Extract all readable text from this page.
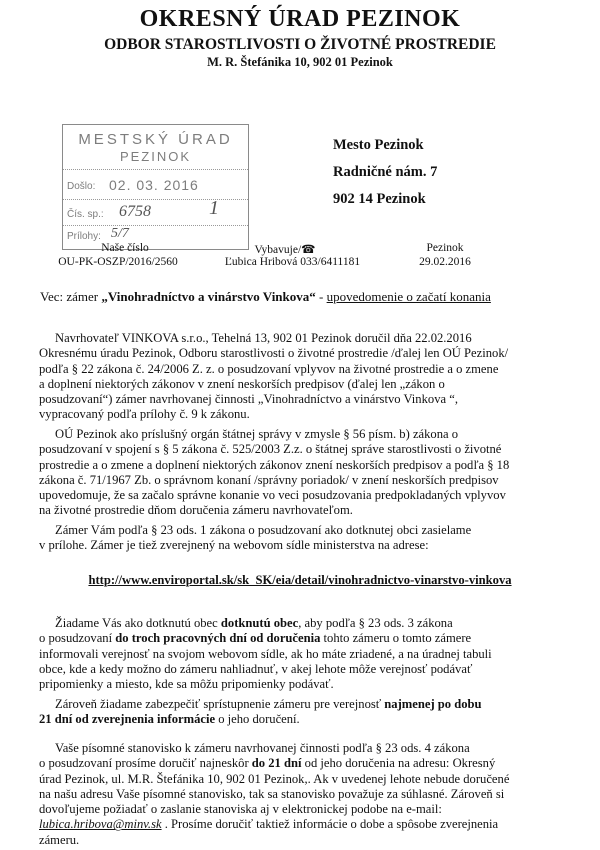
OKRESNÝ ÚRAD PEZINOK
ODBOR STAROSTLIVOSTI O ŽIVOTNÉ PROSTREDIE
M. R. Štefánika 10, 902 01 Pezinok
MESTSKÝ ÚRAD
PEZINOK
Došlo: 02. 03. 2016
Čís. sp.: 6758	1
Prílohy: 5/7
Mesto Pezinok
Radničné nám. 7
902 14 Pezinok
Naše číslo
OU-PK-OSZP/2016/2560
Vybavuje/☎
Ľubica Hribová 033/6411181
Pezinok
29.02.2016
Vec: zámer „Vinohradníctvo a vinárstvo Vinkova“ - upovedomenie o začatí konania
Navrhovateľ VINKOVA s.r.o., Tehelná 13, 902 01 Pezinok doručil dňa 22.02.2016
Okresnému úradu Pezinok, Odboru starostlivosti o životné prostredie /ďalej len OÚ Pezinok/
podľa § 22 zákona č. 24/2006 Z. z. o posudzovaní vplyvov na životné prostredie a o zmene
a doplnení niektorých zákonov v znení neskorších predpisov (ďalej len „zákon o
posudzovaní“) zámer navrhovanej činnosti „Vinohradníctvo a vinárstvo Vinkova “,
vypracovaný podľa prílohy č. 9 k zákonu.
OÚ Pezinok ako príslušný orgán štátnej správy v zmysle § 56 písm. b) zákona o
posudzovaní v spojení s § 5 zákona č. 525/2003 Z.z. o štátnej správe starostlivosti o životné
prostredie a o zmene a doplnení niektorých zákonov znení neskorších predpisov a podľa § 18
zákona č. 71/1967 Zb. o správnom konaní /správny poriadok/ v znení neskorších predpisov
upovedomuje, že sa začalo správne konanie vo veci posudzovania predpokladaných vplyvov
na životné prostredie dňom doručenia zámeru navrhovateľom.
Zámer Vám podľa § 23 ods. 1 zákona o posudzovaní ako dotknutej obci zasielame
v prílohe. Zámer je tiež zverejnený na webovom sídle ministerstva na adrese:
http://www.enviroportal.sk/sk_SK/eia/detail/vinohradnictvo-vinarstvo-vinkova
Žiadame Vás ako dotknutú obec dotknutú obec, aby podľa § 23 ods. 3 zákona
o posudzovaní do troch pracovných dní od doručenia tohto zámeru o tomto zámere
informovali verejnosť na svojom webovom sídle, ak ho máte zriadené, a na úradnej tabuli
obce, kde a kedy možno do zámeru nahliadnuť, v akej lehote môže verejnosť podávať
pripomienky a miesto, kde sa môžu pripomienky podávať.
Zároveň žiadame zabezpečiť sprístupnenie zámeru pre verejnosť najmenej po dobu
21 dní od zverejnenia informácie o jeho doručení.
Vaše písomné stanovisko k zámeru navrhovanej činnosti podľa § 23 ods. 4 zákona
o posudzovaní prosíme doručiť najneskôr do 21 dní od jeho doručenia na adresu: Okresný
úrad Pezinok, ul. M.R. Štefánika 10, 902 01 Pezinok,. Ak v uvedenej lehote nebude doručené
na našu adresu Vaše písomné stanovisko, tak sa stanovisko považuje za súhlasné. Zároveň si
dovoľujeme požiadať o zaslanie stanoviska aj v elektronickej podobe na e-mail:
lubica.hribova@minv.sk . Prosíme doručiť taktiež informácie o dobe a spôsobe zverejnenia
zámeru.
